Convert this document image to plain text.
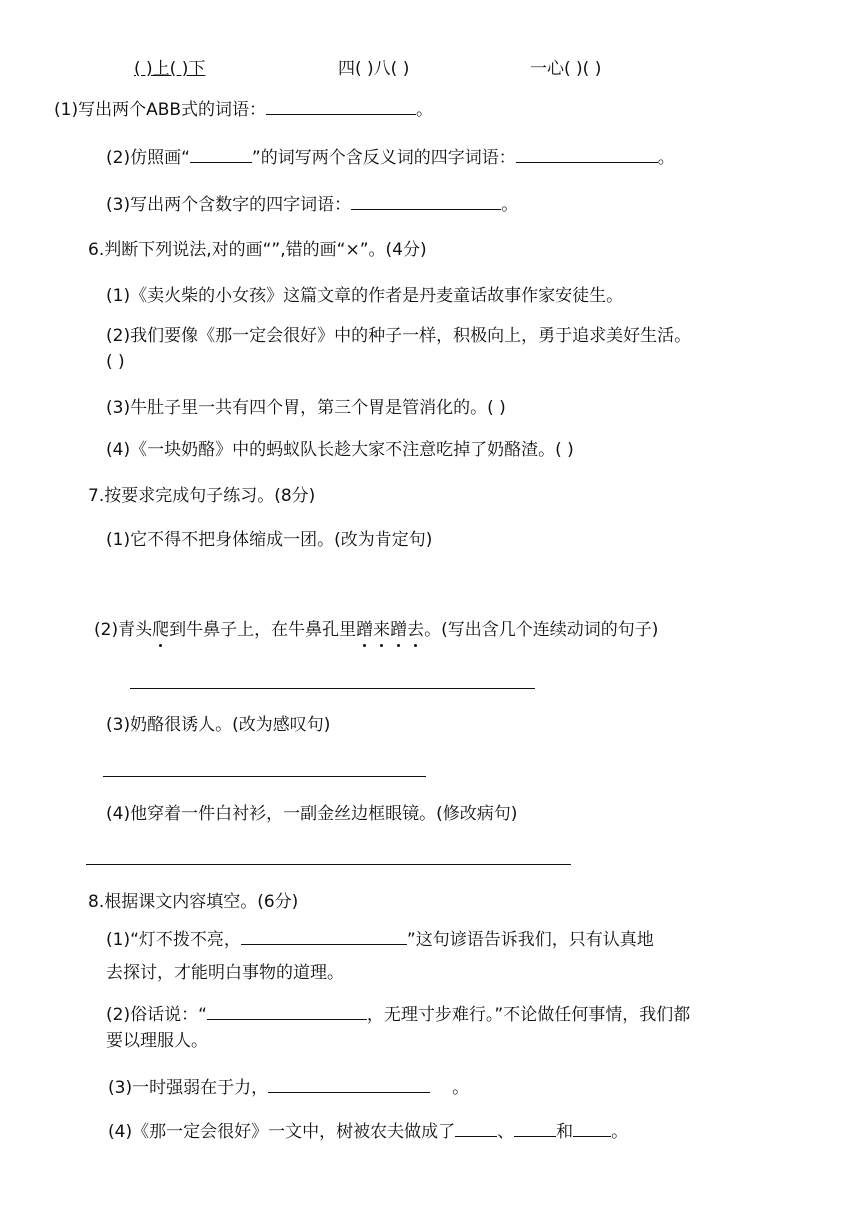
( )上( )下	四( )八( )	一心( )( )
(1)写出两个ABB式的词语：	。
(2)仿照画“	”的词写两个含反义词的四字词语：	。
(3)写出两个含数字的四字词语：	。
6.判断下列说法,对的画“”,错的画“×”。(4分)
(1)《卖火柴的小女孩》这篇文章的作者是丹麦童话故事作家安徒生。
(2)我们要像《那一定会很好》中的种子一样，积极向上，勇于追求美好生活。
( )
(3)牛肚子里一共有四个胃，第三个胃是管消化的。( )
(4)《一块奶酪》中的蚂蚁队长趁大家不注意吃掉了奶酪渣。( )
7.按要求完成句子练习。(8分)
(1)它不得不把身体缩成一团。(改为肯定句)
(2)青头爬到牛鼻子上，在牛鼻孔里蹭来蹭去。(写出含几个连续动词的句子)
(3)奶酪很诱人。(改为感叹句)
(4)他穿着一件白衬衫，一副金丝边框眼镜。(修改病句)
8.根据课文内容填空。(6分)
(1)“灯不拨不亮，	”这句谚语告诉我们，只有认真地
去探讨，才能明白事物的道理。
(2)俗话说：“	，无理寸步难行。”不论做任何事情，我们都
要以理服人。
(3)一时强弱在于力，	。
(4)《那一定会很好》一文中，树被农夫做成了 、 和 。
